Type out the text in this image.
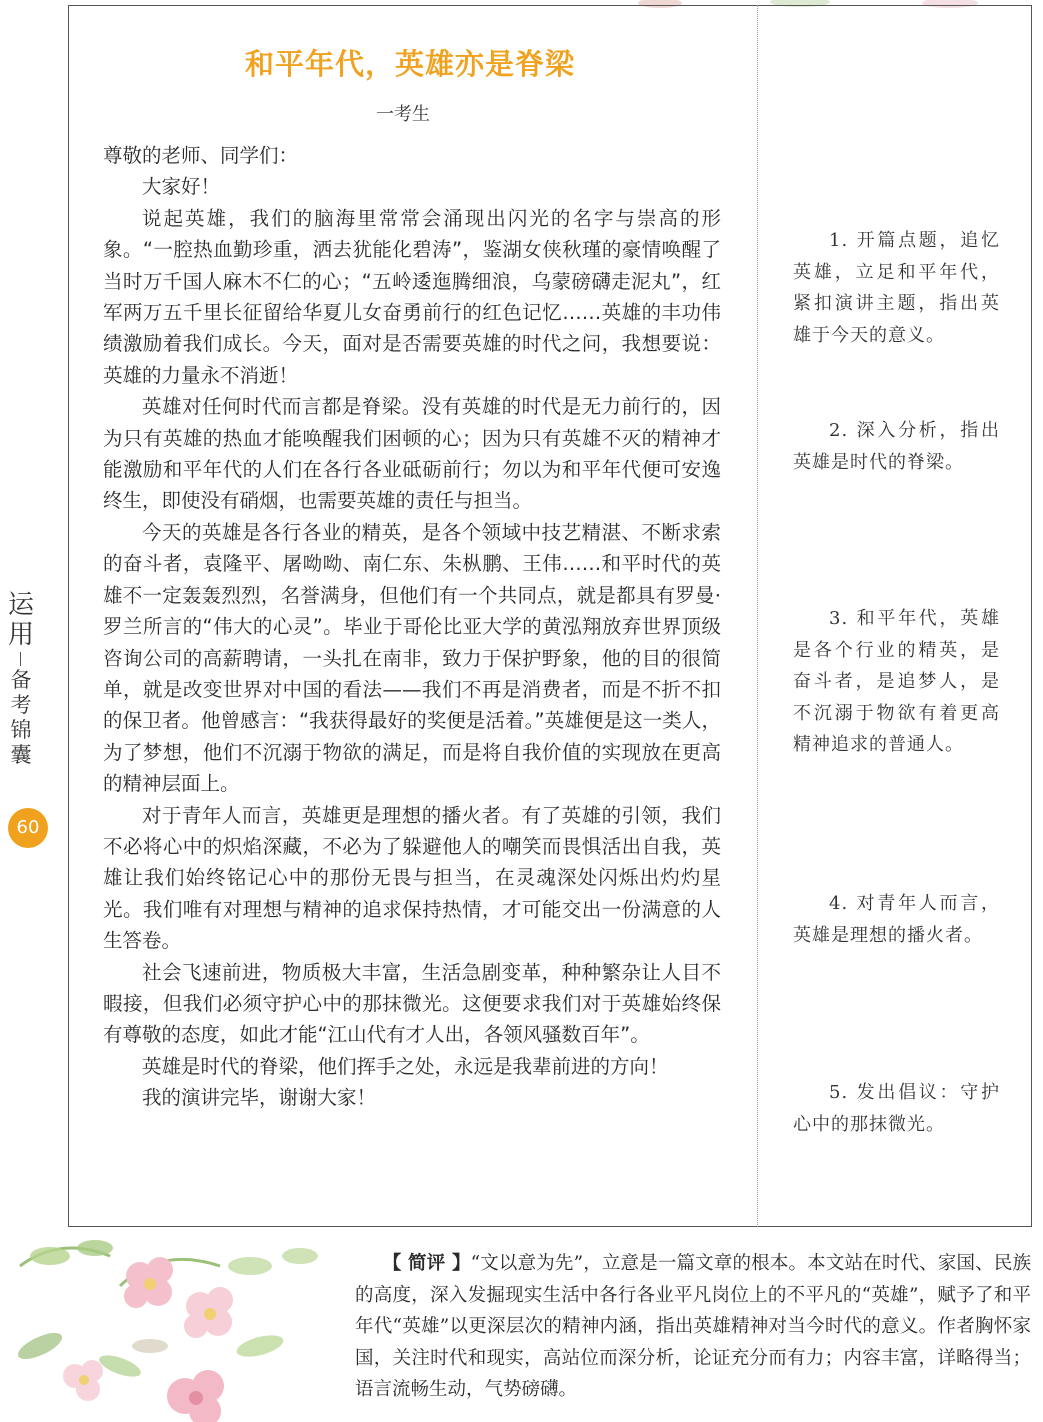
和平年代，英雄亦是脊梁
一考生

尊敬的老师、同学们：

大家好！

说起英雄，我们的脑海里常常会涌现出闪光的名字与崇高的形象。“一腔热血勤珍重，洒去犹能化碧涛”，鉴湖女侠秋瑾的豪情唤醒了当时万千国人麻木不仁的心；“五岭逶迤腾细浪，乌蒙磅礴走泥丸”，红军两万五千里长征留给华夏儿女奋勇前行的红色记忆……英雄的丰功伟绩激励着我们成长。今天，面对是否需要英雄的时代之问，我想要说：英雄的力量永不消逝！

英雄对任何时代而言都是脊梁。没有英雄的时代是无力前行的，因为只有英雄的热血才能唤醒我们困顿的心；因为只有英雄不灭的精神才能激励和平年代的人们在各行各业砥砺前行；勿以为和平年代便可安逸终生，即使没有硝烟，也需要英雄的责任与担当。

今天的英雄是各行各业的精英，是各个领域中技艺精湛、不断求索的奋斗者，袁隆平、屠呦呦、南仁东、朱枞鹏、王伟……和平时代的英雄不一定轰轰烈烈，名誉满身，但他们有一个共同点，就是都具有罗曼·罗兰所言的“伟大的心灵”。毕业于哥伦比亚大学的黄泓翔放弃世界顶级咨询公司的高薪聘请，一头扎在南非，致力于保护野象，他的目的很简单，就是改变世界对中国的看法——我们不再是消费者，而是不折不扣的保卫者。他曾感言：“我获得最好的奖便是活着。”英雄便是这一类人，为了梦想，他们不沉溺于物欲的满足，而是将自我价值的实现放在更高的精神层面上。

对于青年人而言，英雄更是理想的播火者。有了英雄的引领，我们不必将心中的炽焰深藏，不必为了躲避他人的嘲笑而畏惧活出自我，英雄让我们始终铭记心中的那份无畏与担当，在灵魂深处闪烁出灼灼星光。我们唯有对理想与精神的追求保持热情，才可能交出一份满意的人生答卷。

社会飞速前进，物质极大丰富，生活急剧变革，种种繁杂让人目不暇接，但我们必须守护心中的那抹微光。这便要求我们对于英雄始终保有尊敬的态度，如此才能“江山代有才人出，各领风骚数百年”。

英雄是时代的脊梁，他们挥手之处，永远是我辈前进的方向！

我的演讲完毕，谢谢大家！

1. 开篇点题，追忆英雄，立足和平年代，紧扣演讲主题，指出英雄于今天的意义。

2. 深入分析，指出英雄是时代的脊梁。

3. 和平年代，英雄是各个行业的精英，是奋斗者，是追梦人，是不沉溺于物欲有着更高精神追求的普通人。

4. 对青年人而言，英雄是理想的播火者。

5. 发出倡议：守护心中的那抹微光。

运用
备考锦囊
60

【 简评 】“文以意为先”，立意是一篇文章的根本。本文站在时代、家国、民族的高度，深入发掘现实生活中各行各业平凡岗位上的不平凡的“英雄”，赋予了和平年代“英雄”以更深层次的精神内涵，指出英雄精神对当今时代的意义。作者胸怀家国，关注时代和现实，高站位而深分析，论证充分而有力；内容丰富，详略得当；语言流畅生动，气势磅礴。
